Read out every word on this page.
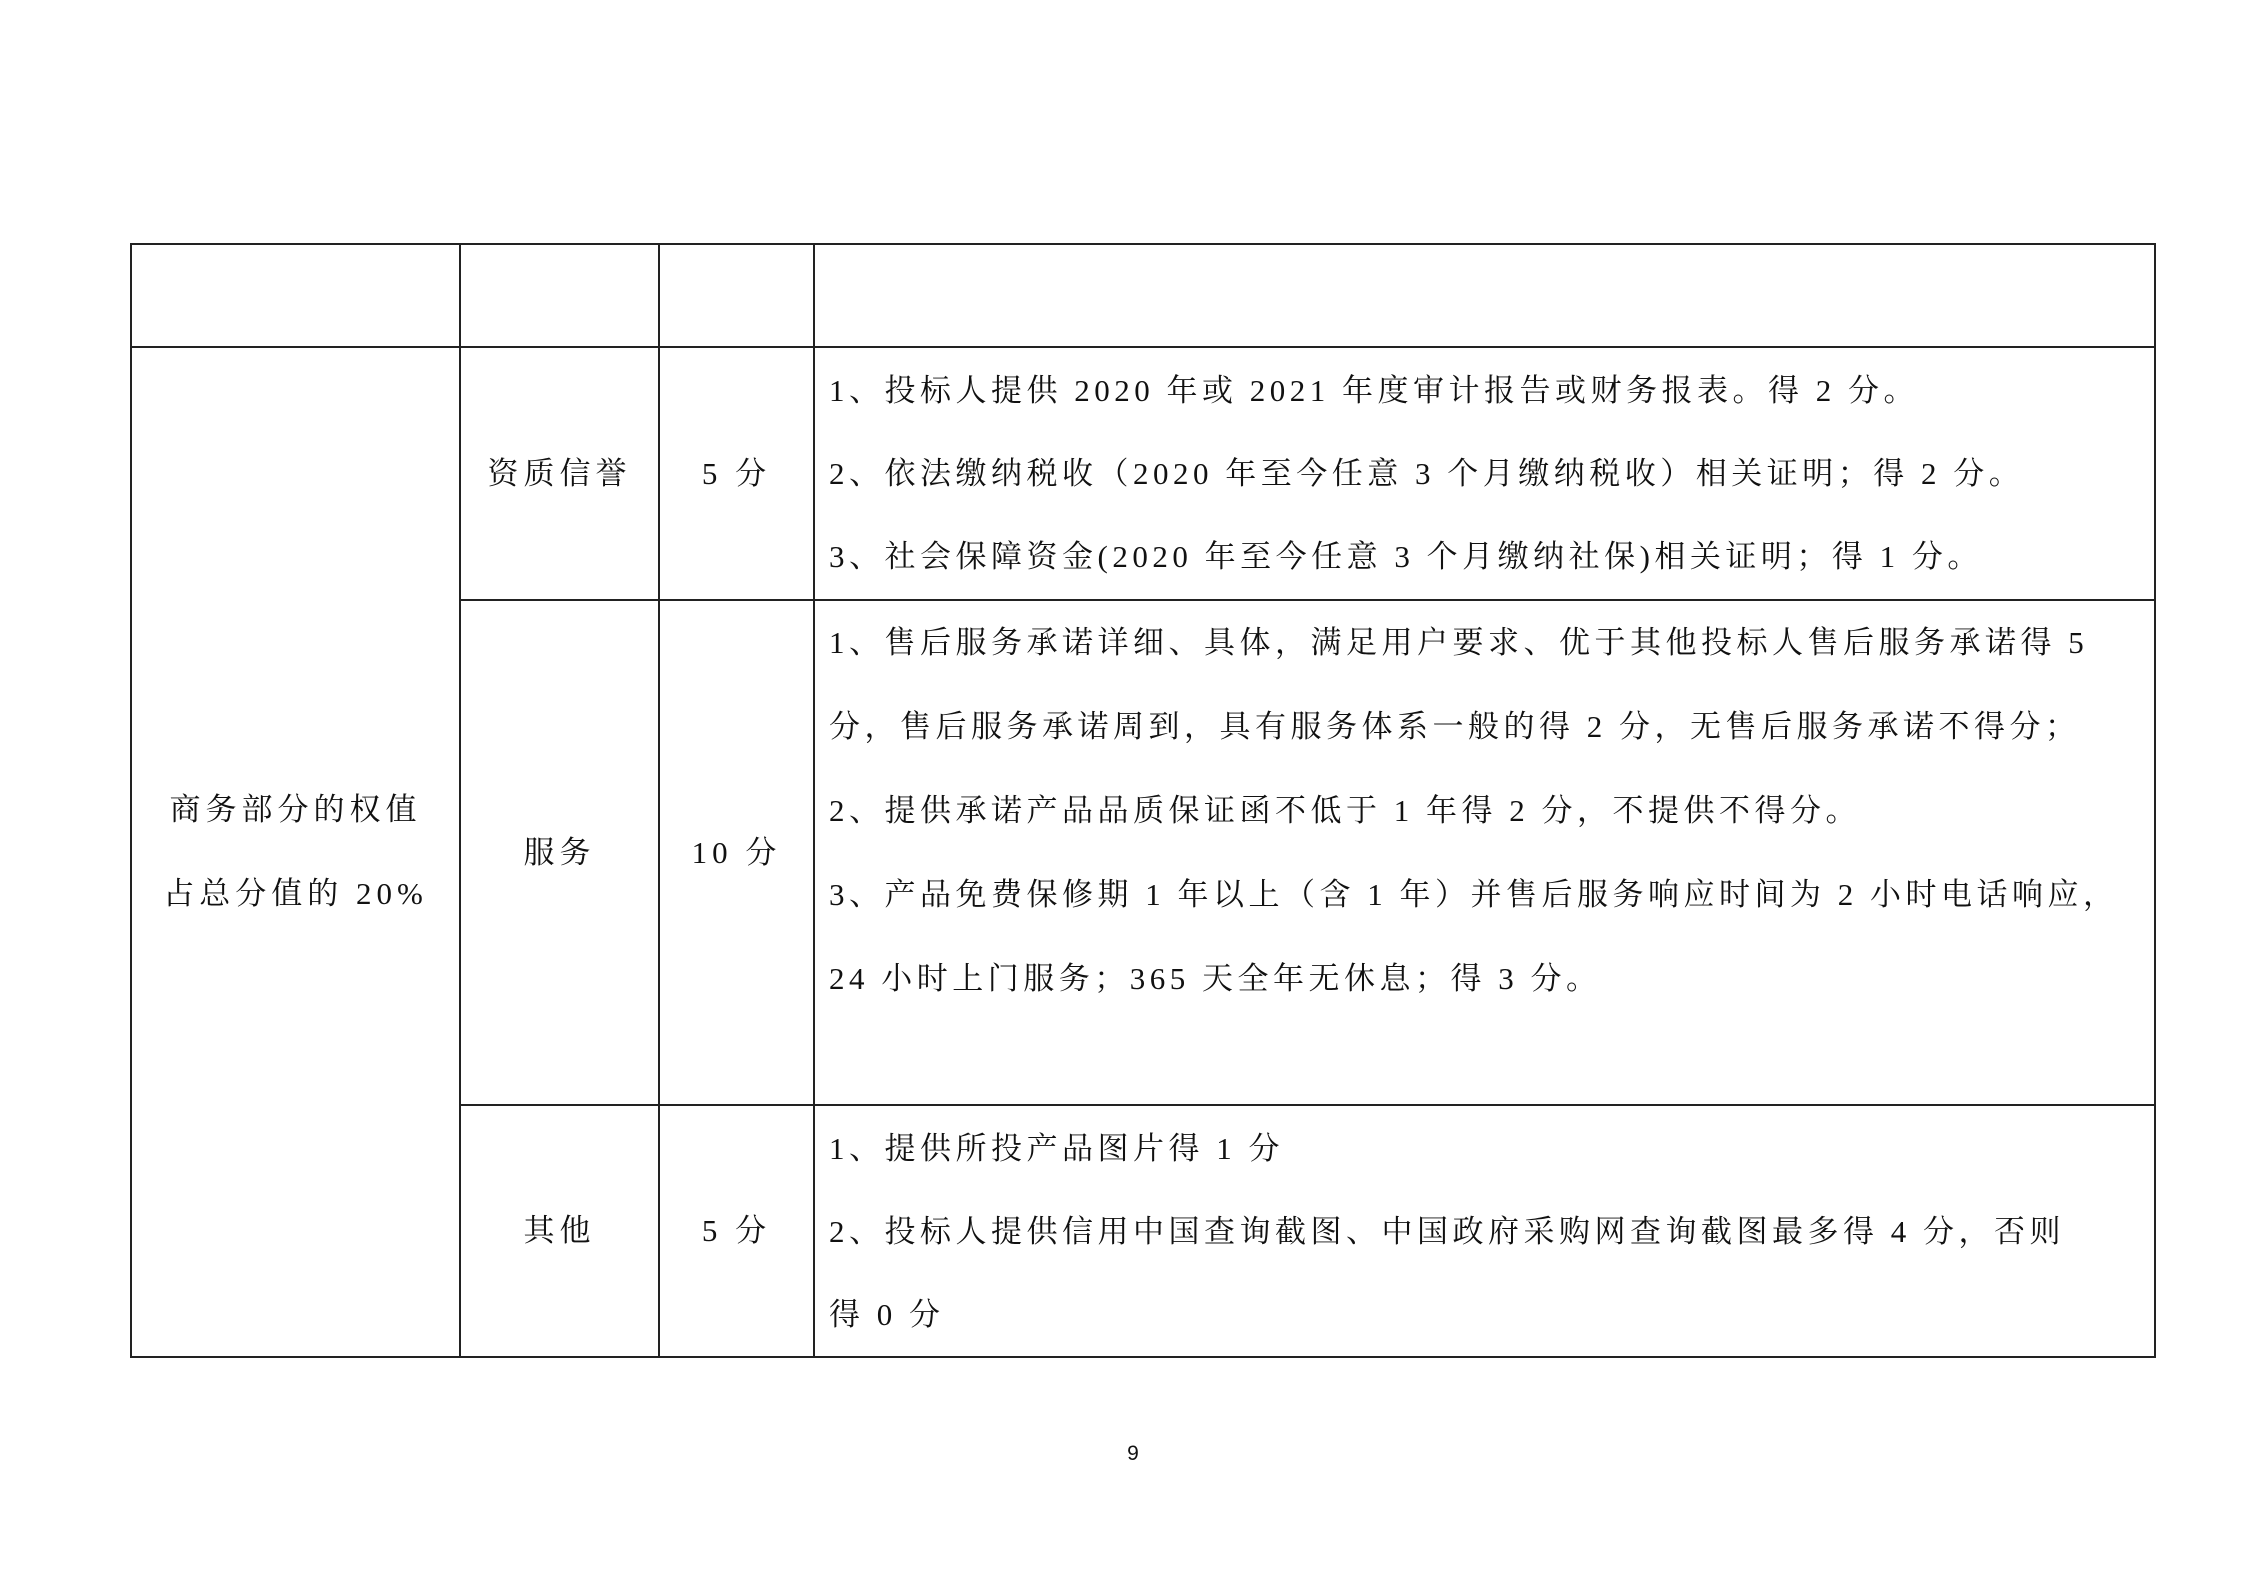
商务部分的权值
占总分值的 20%
资质信誉 5 分
1、投标人提供 2020 年或 2021 年度审计报告或财务报表。得 2 分。
2、依法缴纳税收（2020 年至今任意 3 个月缴纳税收）相关证明；得 2 分。
3、社会保障资金(2020 年至今任意 3 个月缴纳社保)相关证明；得 1 分。
服务	10 分
1、售后服务承诺详细、具体，满足用户要求、优于其他投标人售后服务承诺得 5
分，售后服务承诺周到，具有服务体系一般的得 2 分，无售后服务承诺不得分；
2、提供承诺产品品质保证函不低于 1 年得 2 分，不提供不得分。
3、产品免费保修期 1 年以上（含 1 年）并售后服务响应时间为 2 小时电话响应，
24 小时上门服务；365 天全年无休息；得 3 分。
其他	5 分
1、提供所投产品图片得 1 分
2、投标人提供信用中国查询截图、中国政府采购网查询截图最多得 4 分，否则
得 0 分
9
